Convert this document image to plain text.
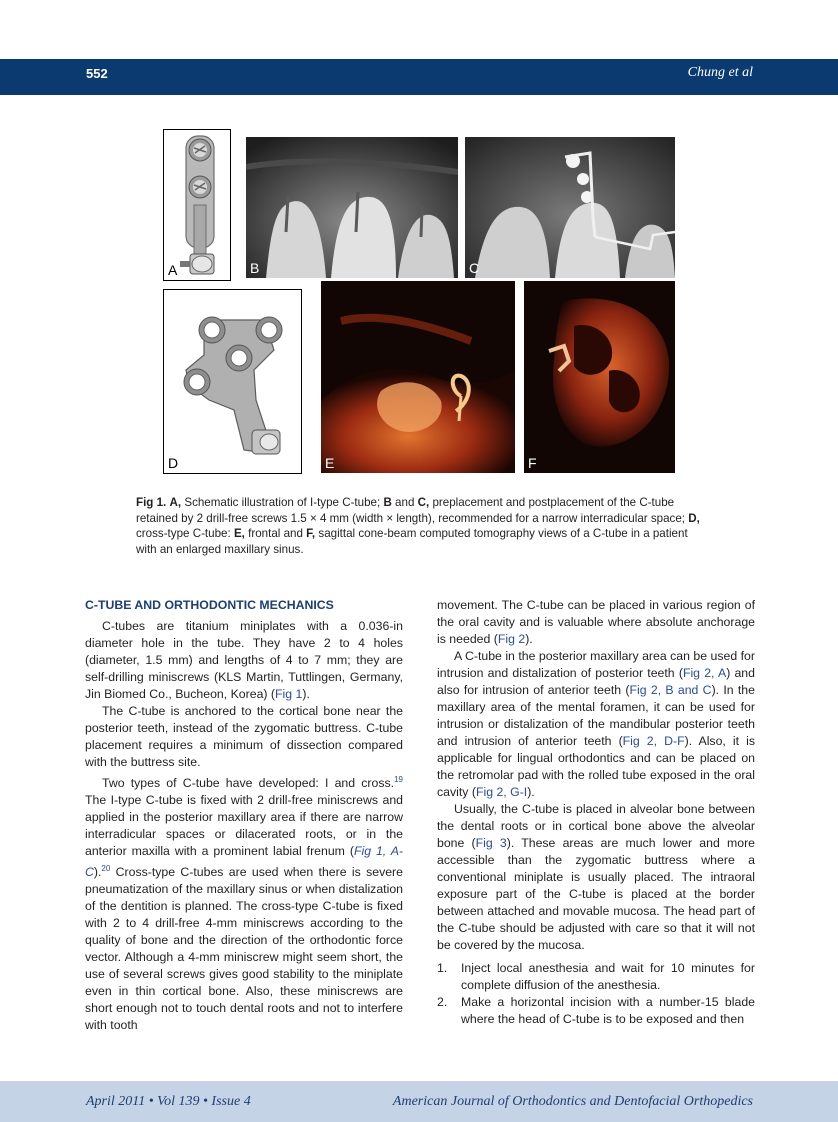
552	Chung et al
A	B	C
D	E	F
Fig 1. A, Schematic illustration of I-type C-tube; B and C, preplacement and postplacement of the C-tube retained by 2 drill-free screws 1.5 × 4 mm (width × length), recommended for a narrow interradicular space; D, cross-type C-tube: E, frontal and F, sagittal cone-beam computed tomography views of a C-tube in a patient with an enlarged maxillary sinus.
C-TUBE AND ORTHODONTIC MECHANICS

C-tubes are titanium miniplates with a 0.036-in diameter hole in the tube. They have 2 to 4 holes (diameter, 1.5 mm) and lengths of 4 to 7 mm; they are self-drilling miniscrews (KLS Martin, Tuttlingen, Germany, Jin Biomed Co., Bucheon, Korea) (Fig 1).

The C-tube is anchored to the cortical bone near the posterior teeth, instead of the zygomatic buttress. C-tube placement requires a minimum of dissection compared with the buttress site.

Two types of C-tube have developed: I and cross.$^{19}$ The I-type C-tube is fixed with 2 drill-free miniscrews and applied in the posterior maxillary area if there are narrow interradicular spaces or dilacerated roots, or in the anterior maxilla with a prominent labial frenum (Fig 1, A-C).$^{20}$ Cross-type C-tubes are used when there is severe pneumatization of the maxillary sinus or when distalization of the dentition is planned. The cross-type C-tube is fixed with 2 to 4 drill-free 4-mm miniscrews according to the quality of bone and the direction of the orthodontic force vector. Although a 4-mm miniscrew might seem short, the use of several screws gives good stability to the miniplate even in thin cortical bone. Also, these miniscrews are short enough not to touch dental roots and not to interfere with tooth

movement. The C-tube can be placed in various region of the oral cavity and is valuable where absolute anchorage is needed (Fig 2).

A C-tube in the posterior maxillary area can be used for intrusion and distalization of posterior teeth (Fig 2, A) and also for intrusion of anterior teeth (Fig 2, B and C). In the maxillary area of the mental foramen, it can be used for intrusion or distalization of the mandibular posterior teeth and intrusion of anterior teeth (Fig 2, D-F). Also, it is applicable for lingual orthodontics and can be placed on the retromolar pad with the rolled tube exposed in the oral cavity (Fig 2, G-I).

Usually, the C-tube is placed in alveolar bone between the dental roots or in cortical bone above the alveolar bone (Fig 3). These areas are much lower and more accessible than the zygomatic buttress where a conventional miniplate is usually placed. The intraoral exposure part of the C-tube is placed at the border between attached and movable mucosa. The head part of the C-tube should be adjusted with care so that it will not be covered by the mucosa.

1. Inject local anesthesia and wait for 10 minutes for complete diffusion of the anesthesia.
2. Make a horizontal incision with a number-15 blade where the head of C-tube is to be exposed and then
April 2011 • Vol 139 • Issue 4	American Journal of Orthodontics and Dentofacial Orthopedics
